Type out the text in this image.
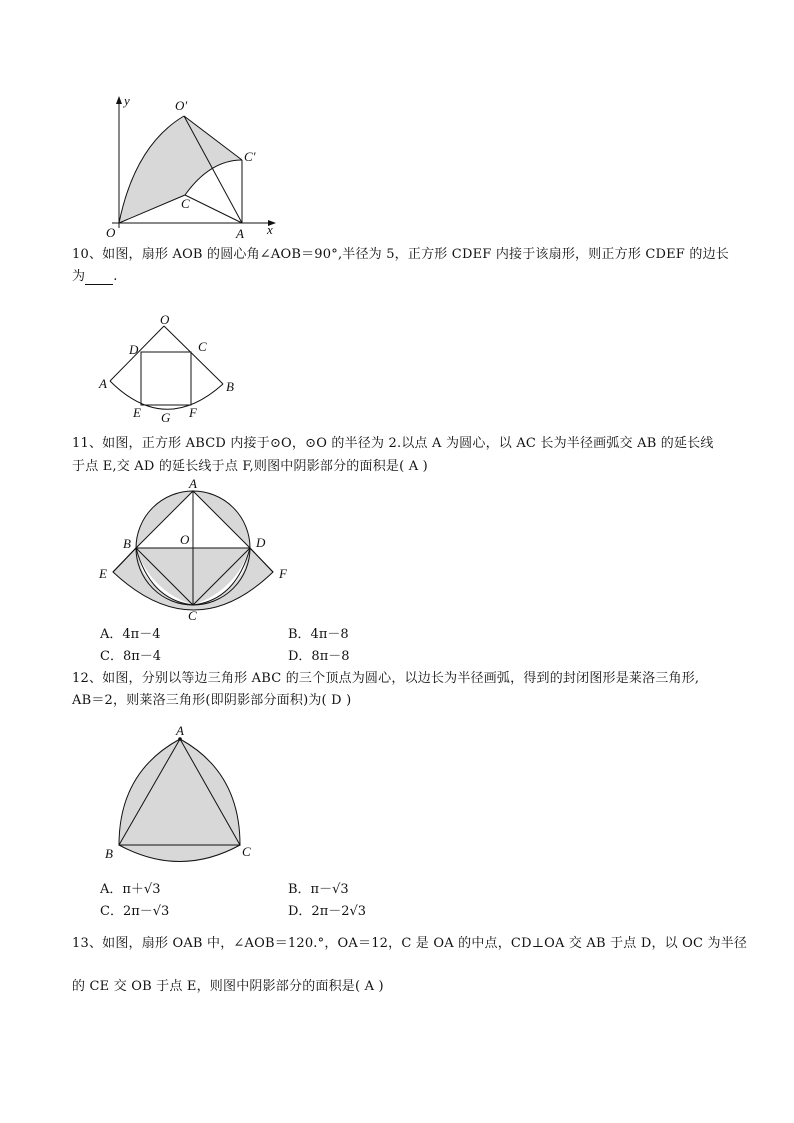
y	O′
C′
C
O	A x
10、如图，扇形 AOB 的圆心角∠AOB＝90°,半径为 5，正方形 CDEF 内接于该扇形，则正方形 CDEF 的边长
为 .
O
D	C
A	B
E G F
11、如图，正方形 ABCD 内接于⊙O，⊙O 的半径为 2.以点 A 为圆心，以 AC 长为半径画弧交 AB 的延长线
于点 E,交 AD 的延长线于点 F,则图中阴影部分的面积是( A )
A
B	O	D
E	F
C
A．4π－4	B．4π－8
C．8π－4	D．8π－8
12、如图，分别以等边三角形 ABC 的三个顶点为圆心，以边长为半径画弧，得到的封闭图形是莱洛三角形,
AB＝2，则莱洛三角形(即阴影部分面积)为( D )
A
B	C
A．π＋√3	B．π－√3
C．2π－√3	D．2π－2√3
13、如图，扇形 OAB 中，∠AOB＝120.°，OA＝12，C 是 OA 的中点，CD⊥OA 交 AB 于点 D，以 OC 为半径
的 CE 交 OB 于点 E，则图中阴影部分的面积是( A )
